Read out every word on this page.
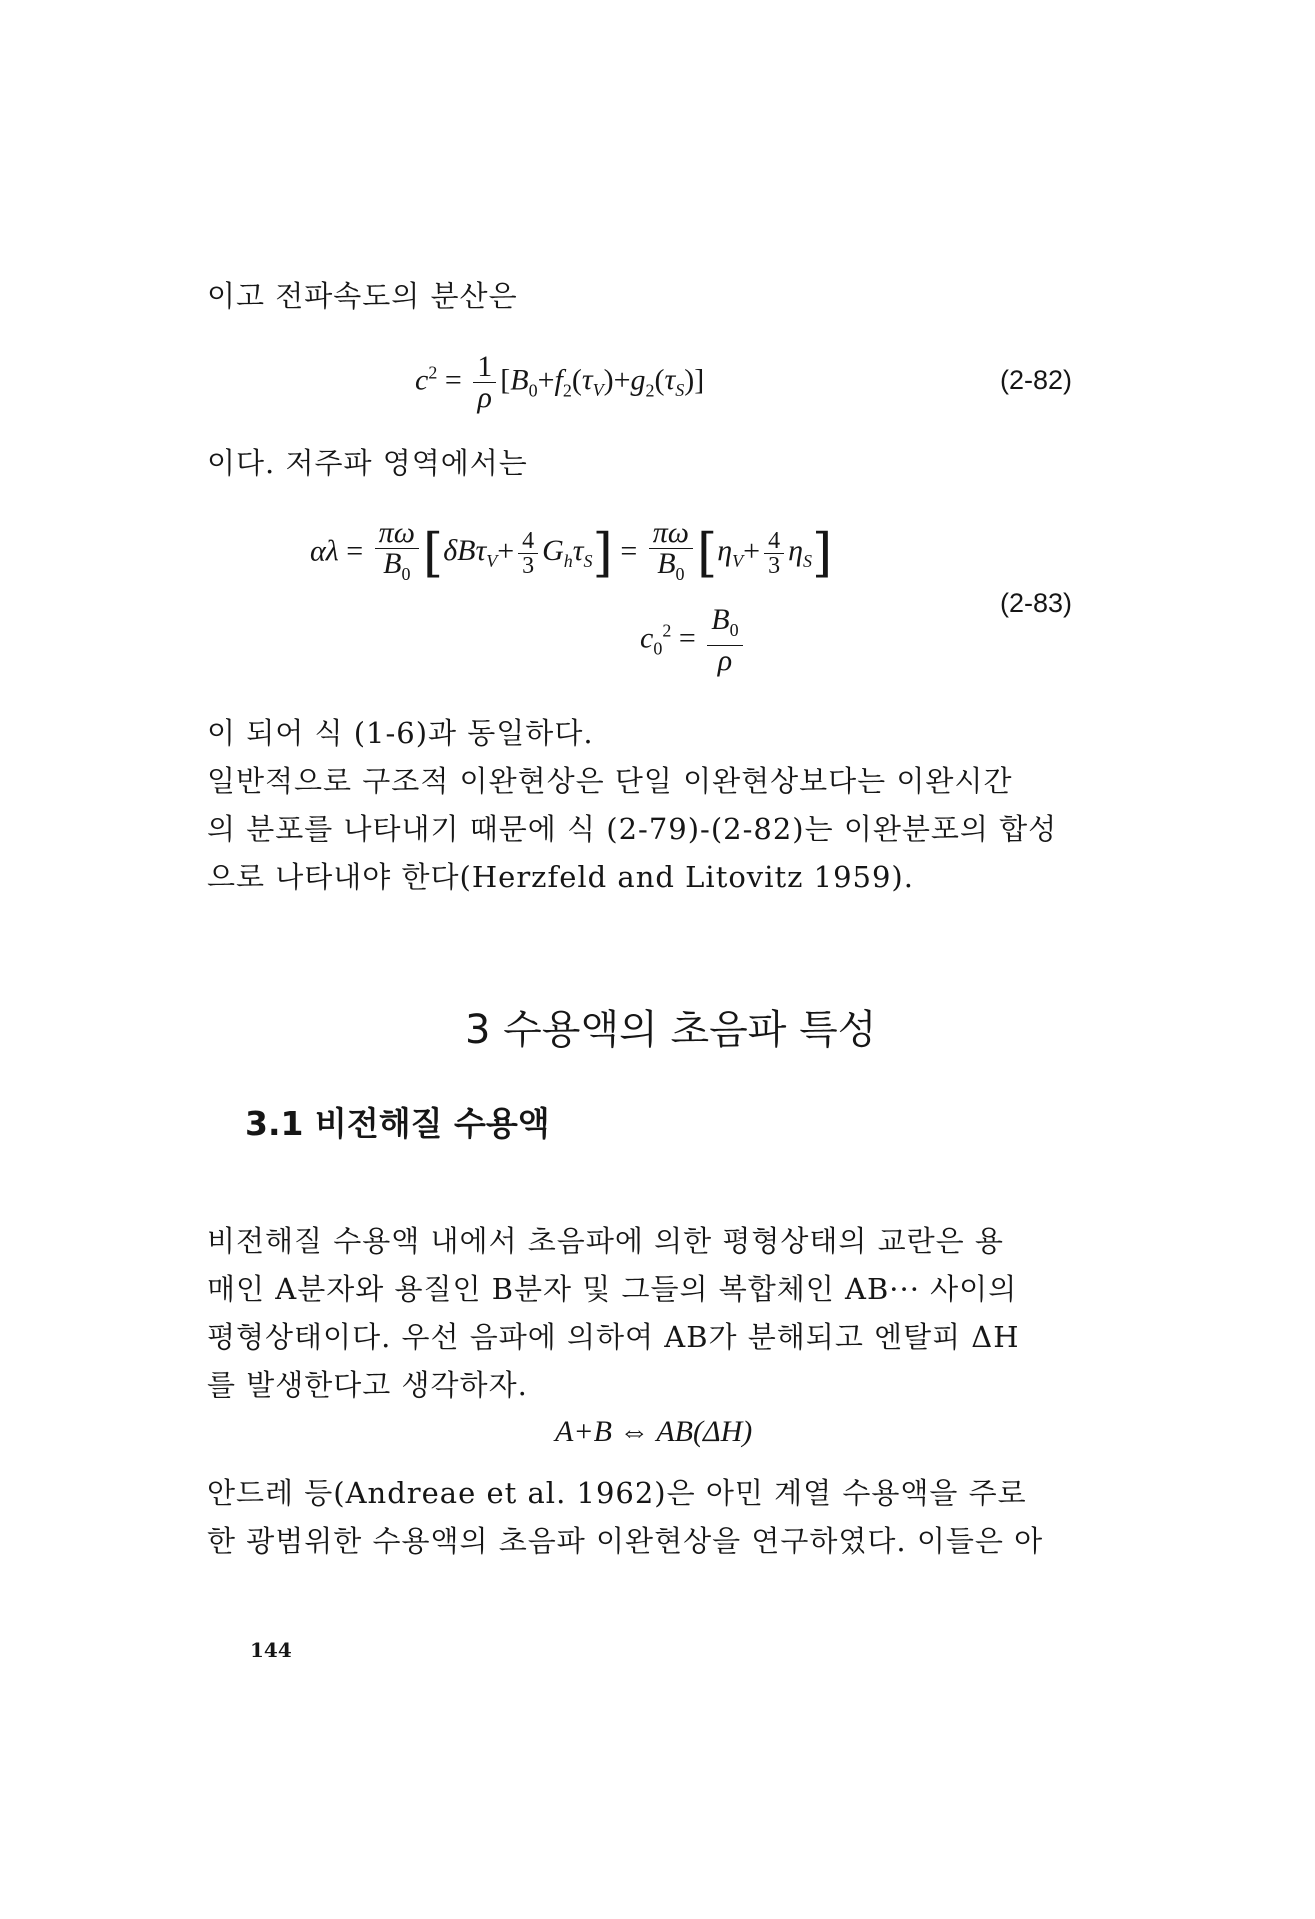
이고 전파속도의 분산은
$c^2 = \frac{1}{\rho} [B_0+f_2(\tau_V)+g_2(\tau_S)]$	(2-82)
이다. 저주파 영역에서는
$\alpha\lambda = \frac{\pi\omega}{B_0} [\delta B\tau_V+ \frac{4}{3} G_h\tau_S] = \frac{\pi\omega}{B_0} [\eta_V+ \frac{4}{3} \eta_S]$
$c_0^2 = \frac{B_0}{\rho}$
(2-83)
이 되어 식 (1-6)과 동일하다.
일반적으로 구조적 이완현상은 단일 이완현상보다는 이완시간
의 분포를 나타내기 때문에 식 (2-79)-(2-82)는 이완분포의 합성
으로 나타내야 한다(Herzfeld and Litovitz 1959).
3 수용액의 초음파 특성
3.1 비전해질 수용액
비전해질 수용액 내에서 초음파에 의한 평형상태의 교란은 용
매인 A분자와 용질인 B분자 및 그들의 복합체인 AB··· 사이의
평형상태이다. 우선 음파에 의하여 AB가 분해되고 엔탈피 ΔH
를 발생한다고 생각하자.
A+B ⇔ AB(ΔH)
안드레 등(Andreae et al. 1962)은 아민 계열 수용액을 주로
한 광범위한 수용액의 초음파 이완현상을 연구하였다. 이들은 아
144
